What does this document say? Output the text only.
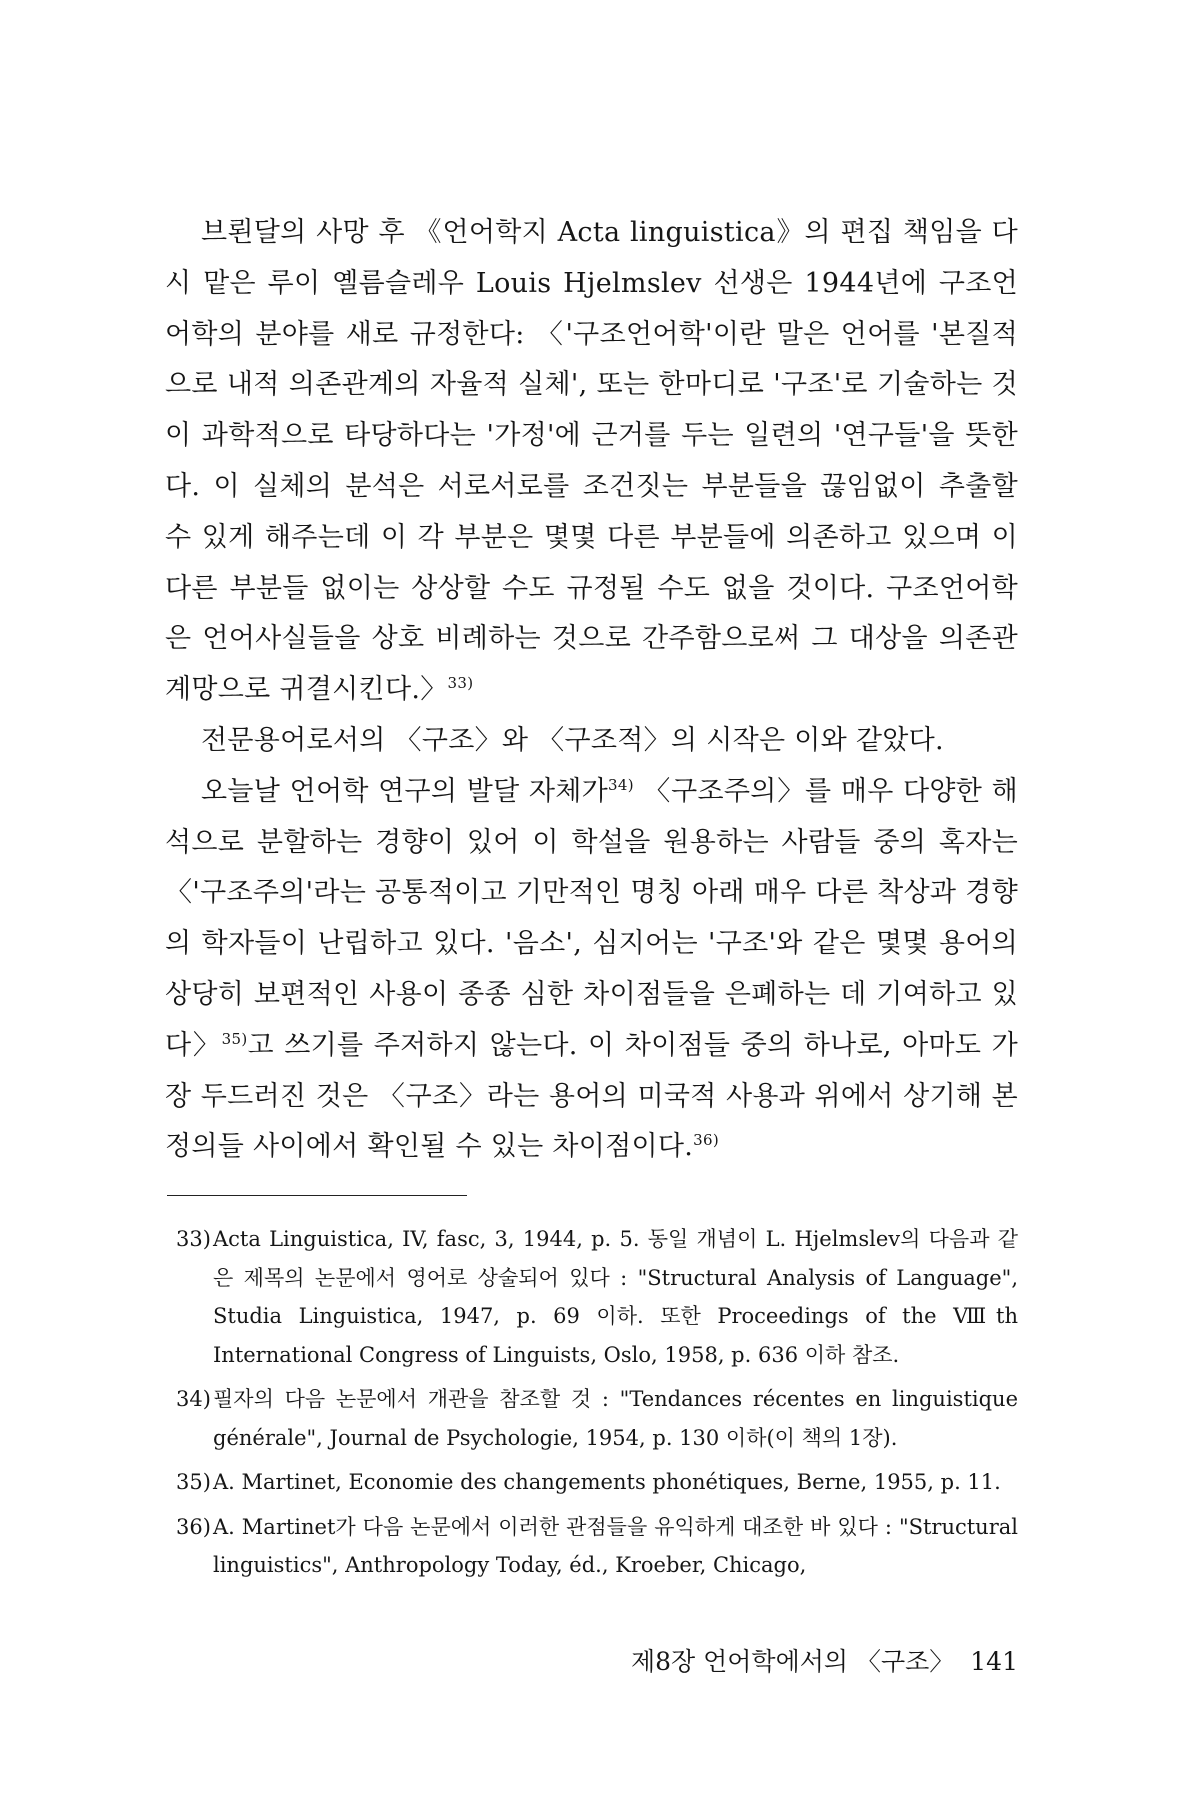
브뢴달의 사망 후 《언어학지 Acta linguistica》의 편집 책임을 다시 맡은 루이 옐름슬레우 Louis Hjelmslev 선생은 1944년에 구조언어학의 분야를 새로 규정한다: 〈'구조언어학'이란 말은 언어를 '본질적으로 내적 의존관계의 자율적 실체', 또는 한마디로 '구조'로 기술하는 것이 과학적으로 타당하다는 '가정'에 근거를 두는 일련의 '연구들'을 뜻한다. 이 실체의 분석은 서로서로를 조건짓는 부분들을 끊임없이 추출할 수 있게 해주는데 이 각 부분은 몇몇 다른 부분들에 의존하고 있으며 이 다른 부분들 없이는 상상할 수도 규정될 수도 없을 것이다. 구조언어학은 언어사실들을 상호 비례하는 것으로 간주함으로써 그 대상을 의존관계망으로 귀결시킨다.〉$^{33)}$

전문용어로서의 〈구조〉와 〈구조적〉의 시작은 이와 같았다.

오늘날 언어학 연구의 발달 자체가$^{34)}$ 〈구조주의〉를 매우 다양한 해석으로 분할하는 경향이 있어 이 학설을 원용하는 사람들 중의 혹자는 〈'구조주의'라는 공통적이고 기만적인 명칭 아래 매우 다른 착상과 경향의 학자들이 난립하고 있다. '음소', 심지어는 '구조'와 같은 몇몇 용어의 상당히 보편적인 사용이 종종 심한 차이점들을 은폐하는 데 기여하고 있다〉$^{35)}$고 쓰기를 주저하지 않는다. 이 차이점들 중의 하나로, 아마도 가장 두드러진 것은 〈구조〉라는 용어의 미국적 사용과 위에서 상기해 본 정의들 사이에서 확인될 수 있는 차이점이다.$^{36)}$

33) Acta Linguistica, IV, fasc, 3, 1944, p. 5. 동일 개념이 L. Hjelmslev의 다음과 같은 제목의 논문에서 영어로 상술되어 있다 : "Structural Analysis of Language", Studia Linguistica, 1947, p. 69 이하. 또한 Proceedings of the Ⅷth International Congress of Linguists, Oslo, 1958, p. 636 이하 참조.
34) 필자의 다음 논문에서 개관을 참조할 것 : "Tendances récentes en linguistique générale", Journal de Psychologie, 1954, p. 130 이하(이 책의 1장).
35) A. Martinet, Economie des changements phonétiques, Berne, 1955, p. 11.
36) A. Martinet가 다음 논문에서 이러한 관점들을 유익하게 대조한 바 있다 : "Structural linguistics", Anthropology Today, éd., Kroeber, Chicago,
제8장 언어학에서의 〈구조〉 141
